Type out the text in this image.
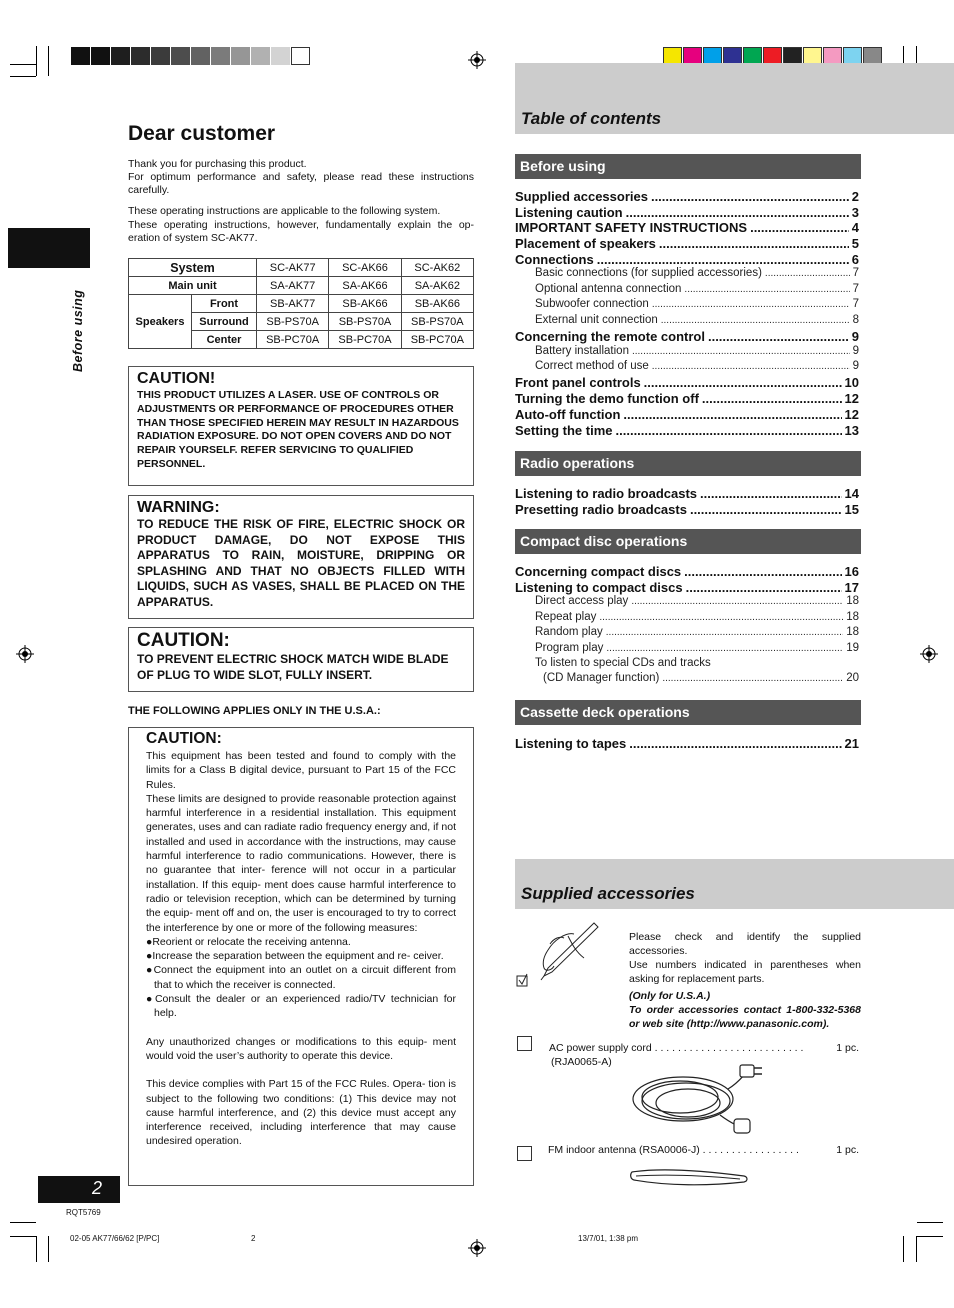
Before using
Dear customer
Thank you for purchasing this product.
For optimum performance and safety, please read these instructions carefully.
These operating instructions are applicable to the following system.
These operating instructions, however, fundamentally explain the op- eration of system SC-AK77.
System		SC-AK77	SC-AK66	SC-AK62
Main unit		SA-AK77	SA-AK66	SA-AK62
Speakers	Front	SB-AK77	SB-AK66	SB-AK66
	Surround	SB-PS70A	SB-PS70A	SB-PS70A
	Center	SB-PC70A	SB-PC70A	SB-PC70A
CAUTION!
THIS PRODUCT UTILIZES A LASER. USE OF CONTROLS OR ADJUSTMENTS OR PERFORMANCE OF PROCEDURES OTHER THAN THOSE SPECIFIED HEREIN MAY RESULT IN HAZARDOUS RADIATION EXPOSURE. DO NOT OPEN COVERS AND DO NOT REPAIR YOURSELF. REFER SERVICING TO QUALIFIED PERSONNEL.
WARNING:
TO REDUCE THE RISK OF FIRE, ELECTRIC SHOCK OR PRODUCT DAMAGE, DO NOT EXPOSE THIS APPARATUS TO RAIN, MOISTURE, DRIPPING OR SPLASHING AND THAT NO OBJECTS FILLED WITH LIQUIDS, SUCH AS VASES, SHALL BE PLACED ON THE APPARATUS.
CAUTION:
TO PREVENT ELECTRIC SHOCK MATCH WIDE BLADE OF PLUG TO WIDE SLOT, FULLY INSERT.
THE FOLLOWING APPLIES ONLY IN THE U.S.A.:
CAUTION:

This equipment has been tested and found to comply with the limits for a Class B digital device, pursuant to Part 15 of the FCC Rules.

These limits are designed to provide reasonable protection against harmful interference in a residential installation. This equipment generates, uses and can radiate radio frequency energy and, if not installed and used in accordance with the instructions, may cause harmful interference to radio communications. However, there is no guarantee that inter- ference will not occur in a particular installation. If this equip- ment does cause harmful interference to radio or television reception, which can be determined by turning the equip- ment off and on, the user is encouraged to try to correct the interference by one or more of the following measures:

●Reorient or relocate the receiving antenna.

●Increase the separation between the equipment and re- ceiver.

●Connect the equipment into an outlet on a circuit different from that to which the receiver is connected.

●Consult the dealer or an experienced radio/TV technician for help.

Any unauthorized changes or modifications to this equip- ment would void the user’s authority to operate this device.

This device complies with Part 15 of the FCC Rules. Opera- tion is subject to the following two conditions: (1) This device may not cause harmful interference, and (2) this device must accept any interference received, including interference that may cause undesired operation.

2
RQT5769
02-05 AK77/66/62 [P/PC]	2	13/7/01, 1:38 pm
Table of contents
Before using
Supplied accessories .....	2
Listening caution .....	3
IMPORTANT SAFETY INSTRUCTIONS .....	4
Placement of speakers .....	5
Connections .....	6
Basic connections (for supplied accessories) .....	7
Optional antenna connection .....	7
Subwoofer connection .....	7
External unit connection .....	8
Concerning the remote control .....	9
Battery installation .....	9
Correct method of use .....	9
Front panel controls .....	10
Turning the demo function off .....	12
Auto-off function .....	12
Setting the time .....	13
Radio operations
Listening to radio broadcasts .....	14
Presetting radio broadcasts .....	15
Compact disc operations
Concerning compact discs .....	16
Listening to compact discs .....	17
Direct access play .....	18
Repeat play .....	18
Random play .....	18
Program play .....	19
To listen to special CDs and tracks
(CD Manager function) .....	20
Cassette deck operations
Listening to tapes .....	21
Supplied accessories
Please check and identify the supplied accessories.
Use numbers indicated in parentheses when asking for replacement parts.
(Only for U.S.A.)
To order accessories contact 1-800-332-5368 or web site (http://www.panasonic.com).
AC power supply cord . . . . . . . . . . . . . . . . . . . . . . . . . .	1 pc.
(RJA0065-A)
FM indoor antenna (RSA0006-J) . . . . . . . . . . . . . . . . .	1 pc.
